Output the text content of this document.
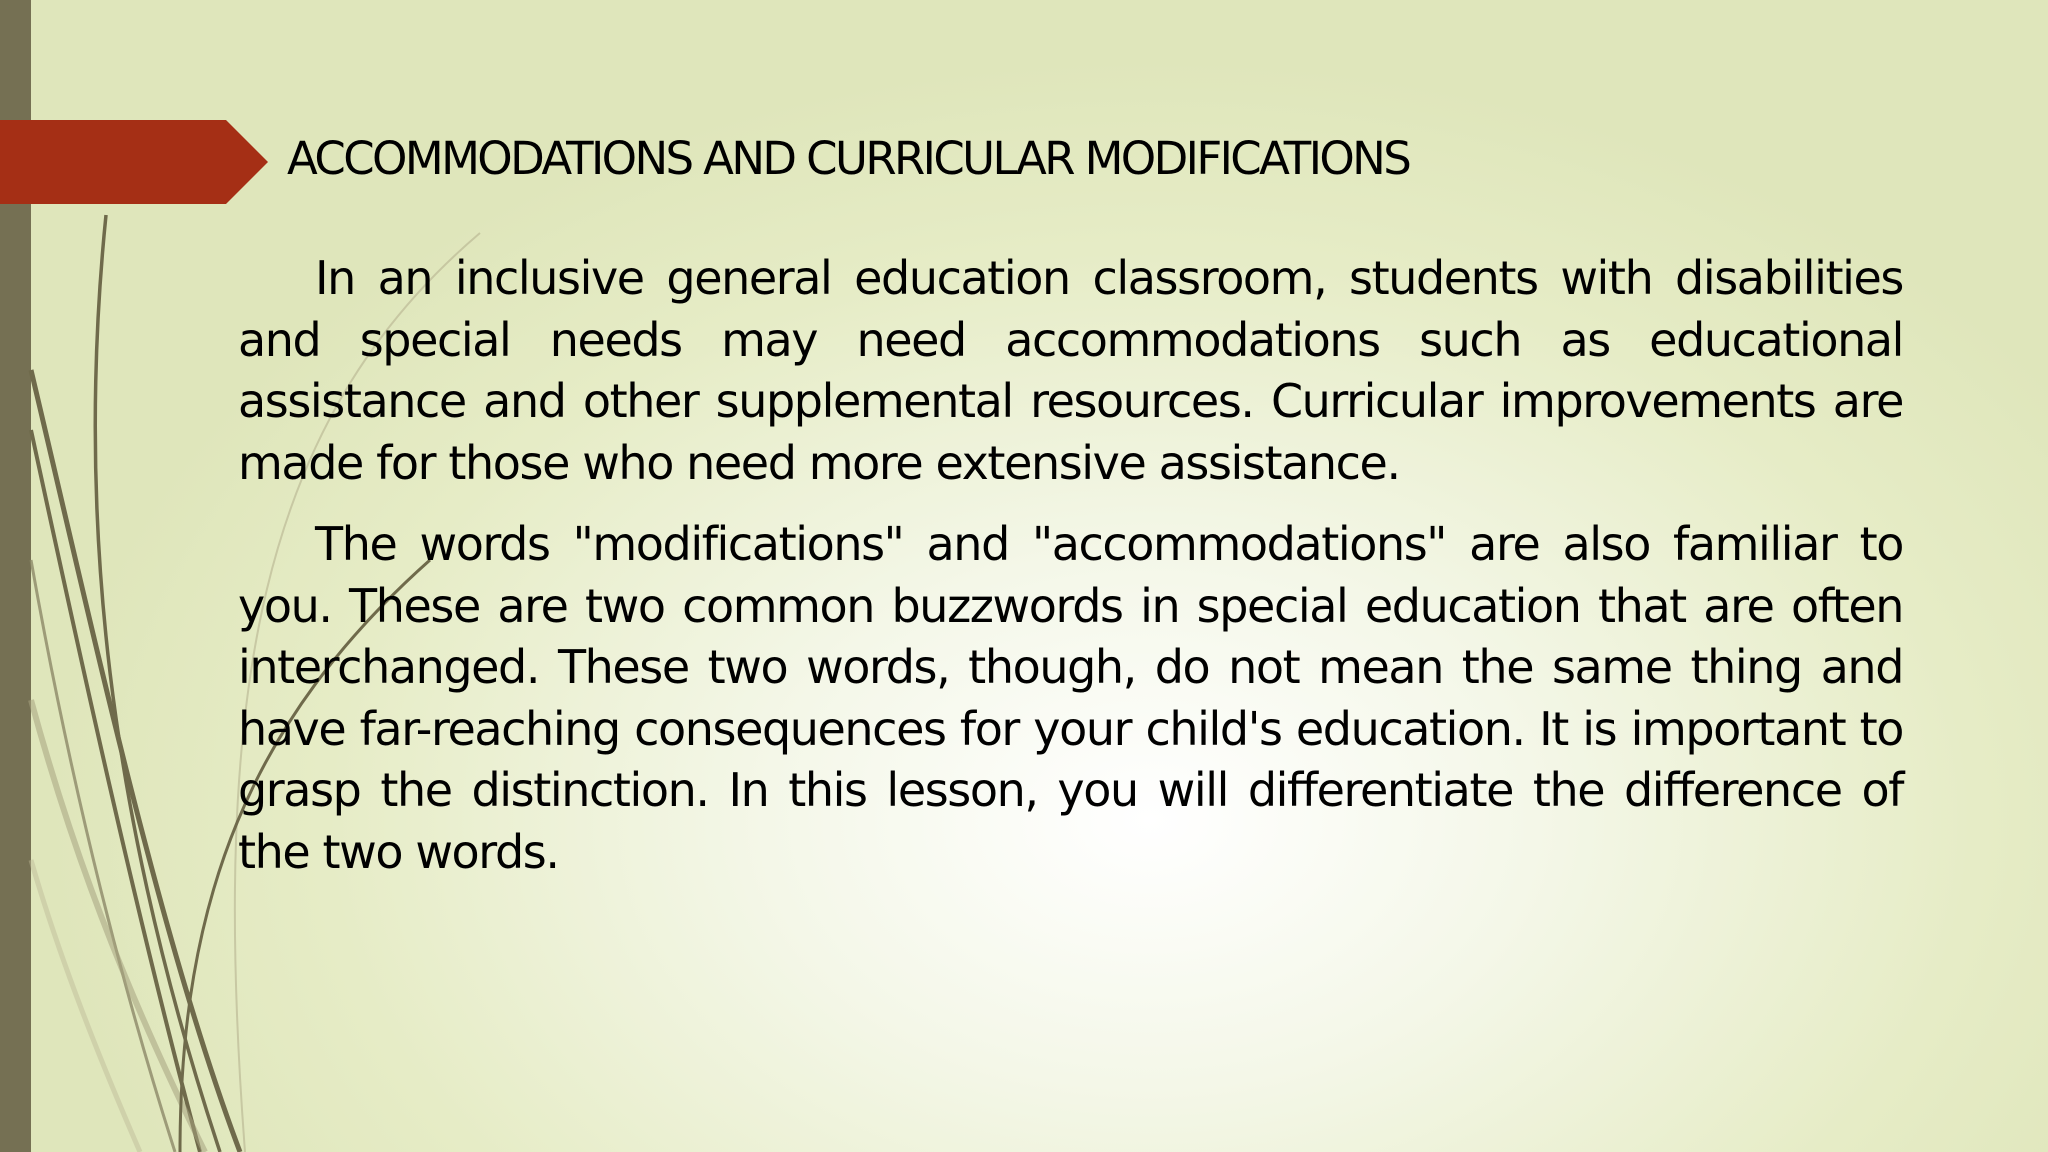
ACCOMMODATIONS AND CURRICULAR MODIFICATIONS

In an inclusive general education classroom, students with disabilities and special needs may need accommodations such as educational assistance and other supplemental resources. Curricular improvements are made for those who need more extensive assistance.

The words "modifications" and "accommodations" are also familiar to you. These are two common buzzwords in special education that are often interchanged. These two words, though, do not mean the same thing and have far-reaching consequences for your child's education. It is important to grasp the distinction. In this lesson, you will differentiate the difference of the two words.
